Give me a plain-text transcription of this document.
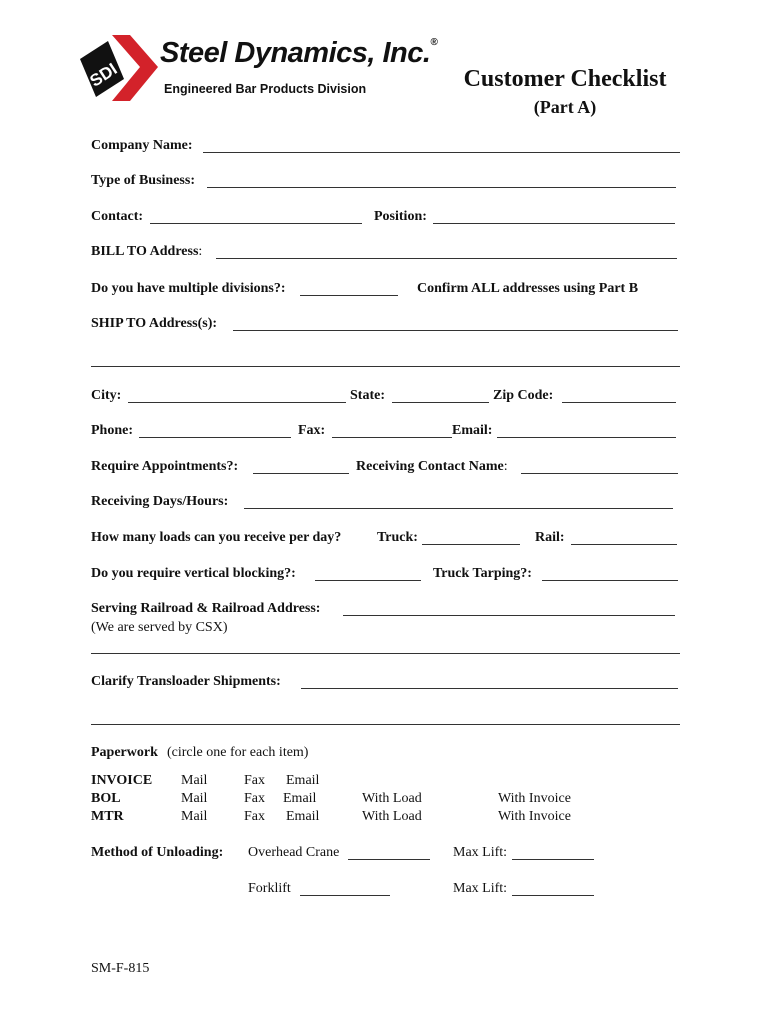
SDI
Steel Dynamics, Inc.®
Engineered Bar Products Division	Customer Checklist
(Part A)
Company Name:
Type of Business:
Contact:	Position:
BILL TO Address:
Do you have multiple divisions?:	Confirm ALL addresses using Part B
SHIP TO Address(s):
City:	State:	Zip Code:
Phone:	Fax:	Email:
Require Appointments?:	Receiving Contact Name:
Receiving Days/Hours:
How many loads can you receive per day?	Truck:	Rail:
Do you require vertical blocking?:	Truck Tarping?:
Serving Railroad & Railroad Address:
(We are served by CSX)
Clarify Transloader Shipments:
Paperwork (circle one for each item)
INVOICE Mail	Fax Email
BOL	Mail	Fax Email	With Load	With Invoice
MTR	Mail	Fax Email	With Load	With Invoice
Method of Unloading: Overhead Crane	Max Lift:
Forklift	Max Lift:
SM-F-815
